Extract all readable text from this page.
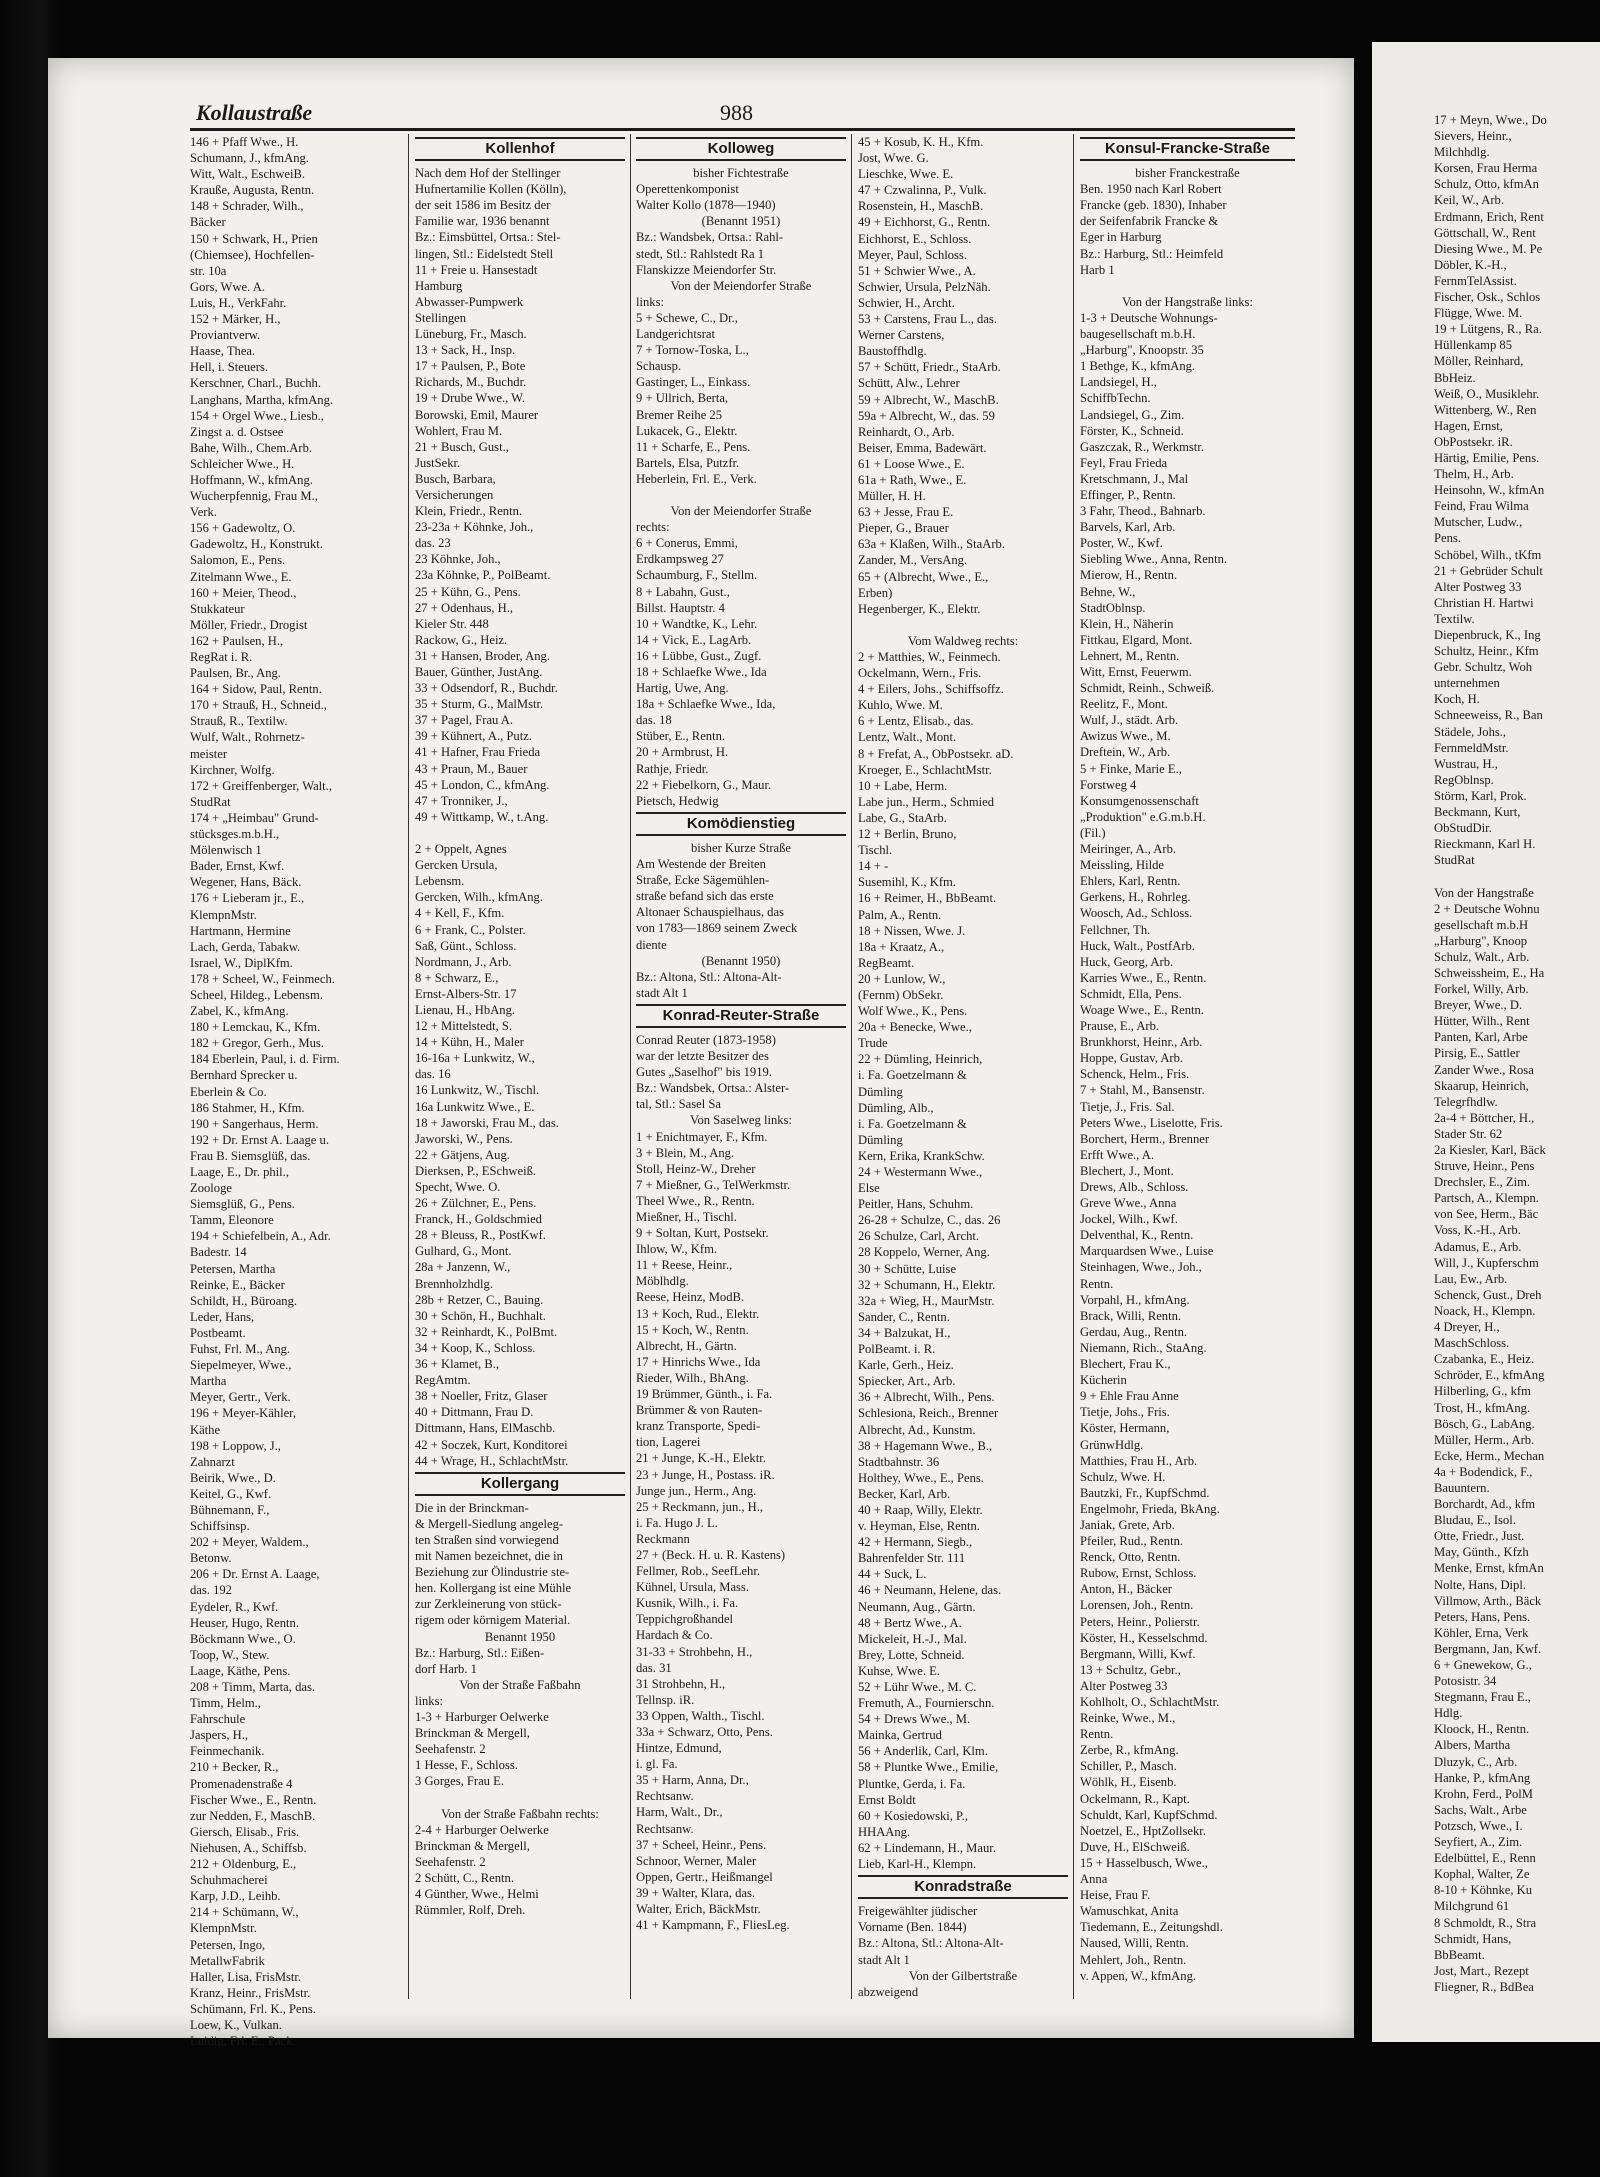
Kollaustraße	988
146 + Pfaff Wwe., H.
Schumann, J., kfmAng.
Witt, Walt., EschweiB.
Krauße, Augusta, Rentn.
148 + Schrader, Wilh.,
Bäcker
150 + Schwark, H., Prien
(Chiemsee), Hochfellen-
str. 10a
Gors, Wwe. A.
Luis, H., VerkFahr.
152 + Märker, H.,
Proviantverw.
Haase, Thea.
Hell, i. Steuers.
Kerschner, Charl., Buchh.
Langhans, Martha, kfmAng.
154 + Orgel Wwe., Liesb.,
Zingst a. d. Ostsee
Bahe, Wilh., Chem.Arb.
Schleicher Wwe., H.
Hoffmann, W., kfmAng.
Wucherpfennig, Frau M.,
Verk.
156 + Gadewoltz, O.
Gadewoltz, H., Konstrukt.
Salomon, E., Pens.
Zitelmann Wwe., E.
160 + Meier, Theod.,
Stukkateur
Möller, Friedr., Drogist
162 + Paulsen, H.,
RegRat i. R.
Paulsen, Br., Ang.
164 + Sidow, Paul, Rentn.
170 + Strauß, H., Schneid.,
Strauß, R., Textilw.
Wulf, Walt., Rohrnetz-
meister
Kirchner, Wolfg.
172 + Greiffenberger, Walt.,
StudRat
174 + „Heimbau" Grund-
stücksges.m.b.H.,
Mölenwisch 1
Bader, Ernst, Kwf.
Wegener, Hans, Bäck.
176 + Lieberam jr., E.,
KlempnMstr.
Hartmann, Hermine
Lach, Gerda, Tabakw.
Israel, W., DiplKfm.
178 + Scheel, W., Feinmech.
Scheel, Hildeg., Lebensm.
Zabel, K., kfmAng.
180 + Lemckau, K., Kfm.
182 + Gregor, Gerh., Mus.
184 Eberlein, Paul, i. d. Firm.
Bernhard Sprecker u.
Eberlein & Co.
186 Stahmer, H., Kfm.
190 + Sangerhaus, Herm.
192 + Dr. Ernst A. Laage u.
Frau B. Siemsglüß, das.
Laage, E., Dr. phil.,
Zoologe
Siemsglüß, G., Pens.
Tamm, Eleonore
194 + Schiefelbein, A., Adr.
Badestr. 14
Petersen, Martha
Reinke, E., Bäcker
Schildt, H., Büroang.
Leder, Hans,
Postbeamt.
Fuhst, Frl. M., Ang.
Siepelmeyer, Wwe.,
Martha
Meyer, Gertr., Verk.
196 + Meyer-Kähler,
Käthe
198 + Loppow, J.,
Zahnarzt
Beirik, Wwe., D.
Keitel, G., Kwf.
Bühnemann, F.,
Schiffsinsp.
202 + Meyer, Waldem.,
Betonw.
206 + Dr. Ernst A. Laage,
das. 192
Eydeler, R., Kwf.
Heuser, Hugo, Rentn.
Böckmann Wwe., O.
Toop, W., Stew.
Laage, Käthe, Pens.
208 + Timm, Marta, das.
Timm, Helm.,
Fahrschule
Jaspers, H.,
Feinmechanik.
210 + Becker, R.,
Promenadenstraße 4
Fischer Wwe., E., Rentn.
zur Nedden, F., MaschB.
Giersch, Elisab., Fris.
Niehusen, A., Schiffsb.
212 + Oldenburg, E.,
Schuhmacherei
Karp, J.D., Leihb.
214 + Schümann, W.,
KlempnMstr.
Petersen, Ingo,
MetallwFabrik
Haller, Lisa, FrisMstr.
Kranz, Heinr., FrisMstr.
Schümann, Frl. K., Pens.
Loew, K., Vulkan.
Luidig, Frl. E., Pack.
Kollenhof
Nach dem Hof der Stellinger
Hufnertamilie Kollen (Kölln),
der seit 1586 im Besitz der
Familie war, 1936 benannt
Bz.: Eimsbüttel, Ortsa.: Stel-
lingen, Stl.: Eidelstedt Stell
11 + Freie u. Hansestadt
Hamburg
Abwasser-Pumpwerk
Stellingen
Lüneburg, Fr., Masch.
13 + Sack, H., Insp.
17 + Paulsen, P., Bote
Richards, M., Buchdr.
19 + Drube Wwe., W.
Borowski, Emil, Maurer
Wohlert, Frau M.
21 + Busch, Gust.,
JustSekr.
Busch, Barbara,
Versicherungen
Klein, Friedr., Rentn.
23-23a + Köhnke, Joh.,
das. 23
23 Köhnke, Joh.,
23a Köhnke, P., PolBeamt.
25 + Kühn, G., Pens.
27 + Odenhaus, H.,
Kieler Str. 448
Rackow, G., Heiz.
31 + Hansen, Broder, Ang.
Bauer, Günther, JustAng.
33 + Odsendorf, R., Buchdr.
35 + Sturm, G., MalMstr.
37 + Pagel, Frau A.
39 + Kühnert, A., Putz.
41 + Hafner, Frau Frieda
43 + Praun, M., Bauer
45 + London, C., kfmAng.
47 + Tronniker, J.,
49 + Wittkamp, W., t.Ang.

2 + Oppelt, Agnes
Gercken Ursula,
Lebensm.
Gercken, Wilh., kfmAng.
4 + Kell, F., Kfm.
6 + Frank, C., Polster.
Saß, Günt., Schloss.
Nordmann, J., Arb.
8 + Schwarz, E.,
Ernst-Albers-Str. 17
Lienau, H., HbAng.
12 + Mittelstedt, S.
14 + Kühn, H., Maler
16-16a + Lunkwitz, W.,
das. 16
16 Lunkwitz, W., Tischl.
16a Lunkwitz Wwe., E.
18 + Jaworski, Frau M., das.
Jaworski, W., Pens.
22 + Gätjens, Aug.
Dierksen, P., ESchweiß.
Specht, Wwe. O.
26 + Zülchner, E., Pens.
Franck, H., Goldschmied
28 + Bleuss, R., PostKwf.
Gulhard, G., Mont.
28a + Janzenn, W.,
Brennholzhdlg.
28b + Retzer, C., Bauing.
30 + Schön, H., Buchhalt.
32 + Reinhardt, K., PolBmt.
34 + Koop, K., Schloss.
36 + Klamet, B.,
RegAmtm.
38 + Noeller, Fritz, Glaser
40 + Dittmann, Frau D.
Dittmann, Hans, ElMaschb.
42 + Soczek, Kurt, Konditorei
44 + Wrage, H., SchlachtMstr.
Kollergang
Die in der Brinckman-
& Mergell-Siedlung angeleg-
ten Straßen sind vorwiegend
mit Namen bezeichnet, die in
Beziehung zur Ölindustrie ste-
hen. Kollergang ist eine Mühle
zur Zerkleinerung von stück-
rigem oder körnigem Material.
Benannt 1950
Bz.: Harburg, Stl.: Eißen-
dorf Harb. 1
Von der Straße Faßbahn
links:
1-3 + Harburger Oelwerke
Brinckman & Mergell,
Seehafenstr. 2
1 Hesse, F., Schloss.
3 Gorges, Frau E.

Von der Straße Faßbahn rechts:
2-4 + Harburger Oelwerke
Brinckman & Mergell,
Seehafenstr. 2
2 Schütt, C., Rentn.
4 Günther, Wwe., Helmi
Rümmler, Rolf, Dreh.
Kolloweg
bisher Fichtestraße
Operettenkomponist
Walter Kollo (1878—1940)
(Benannt 1951)
Bz.: Wandsbek, Ortsa.: Rahl-
stedt, Stl.: Rahlstedt Ra 1
Flanskizze Meiendorfer Str.
Von der Meiendorfer Straße
links:
5 + Schewe, C., Dr.,
Landgerichtsrat
7 + Tornow-Toska, L.,
Schausp.
Gastinger, L., Einkass.
9 + Ullrich, Berta,
Bremer Reihe 25
Lukacek, G., Elektr.
11 + Scharfe, E., Pens.
Bartels, Elsa, Putzfr.
Heberlein, Frl. E., Verk.

Von der Meiendorfer Straße
rechts:
6 + Conerus, Emmi,
Erdkampsweg 27
Schaumburg, F., Stellm.
8 + Labahn, Gust.,
Billst. Hauptstr. 4
10 + Wandtke, K., Lehr.
14 + Vick, E., LagArb.
16 + Lübbe, Gust., Zugf.
18 + Schlaefke Wwe., Ida
Hartig, Uwe, Ang.
18a + Schlaefke Wwe., Ida,
das. 18
Stüber, E., Rentn.
20 + Armbrust, H.
Rathje, Friedr.
22 + Fiebelkorn, G., Maur.
Pietsch, Hedwig
Komödienstieg
bisher Kurze Straße
Am Westende der Breiten
Straße, Ecke Sägemühlen-
straße befand sich das erste
Altonaer Schauspielhaus, das
von 1783—1869 seinem Zweck
diente
(Benannt 1950)
Bz.: Altona, Stl.: Altona-Alt-
stadt Alt 1
Konrad-Reuter-Straße
Conrad Reuter (1873-1958)
war der letzte Besitzer des
Gutes „Saselhof" bis 1919.
Bz.: Wandsbek, Ortsa.: Alster-
tal, Stl.: Sasel Sa
Von Saselweg links:
1 + Enichtmayer, F., Kfm.
3 + Blein, M., Ang.
Stoll, Heinz-W., Dreher
7 + Mießner, G., TelWerkmstr.
Theel Wwe., R., Rentn.
Mießner, H., Tischl.
9 + Soltan, Kurt, Postsekr.
Ihlow, W., Kfm.
11 + Reese, Heinr.,
Möblhdlg.
Reese, Heinz, ModB.
13 + Koch, Rud., Elektr.
15 + Koch, W., Rentn.
Albrecht, H., Gärtn.
17 + Hinrichs Wwe., Ida
Rieder, Wilh., BhAng.
19 Brümmer, Günth., i. Fa.
Brümmer & von Rauten-
kranz Transporte, Spedi-
tion, Lagerei
21 + Junge, K.-H., Elektr.
23 + Junge, H., Postass. iR.
Junge jun., Herm., Ang.
25 + Reckmann, jun., H.,
i. Fa. Hugo J. L.
Reckmann
27 + (Beck. H. u. R. Kastens)
Fellmer, Rob., SeefLehr.
Kühnel, Ursula, Mass.
Kusnik, Wilh., i. Fa.
Teppichgroßhandel
Hardach & Co.
31-33 + Strohbehn, H.,
das. 31
31 Strohbehn, H.,
Tellnsp. iR.
33 Oppen, Walth., Tischl.
33a + Schwarz, Otto, Pens.
Hintze, Edmund,
i. gl. Fa.
35 + Harm, Anna, Dr.,
Rechtsanw.
Harm, Walt., Dr.,
Rechtsanw.
37 + Scheel, Heinr., Pens.
Schnoor, Werner, Maler
Oppen, Gertr., Heißmangel
39 + Walter, Klara, das.
Walter, Erich, BäckMstr.
41 + Kampmann, F., FliesLeg.
45 + Kosub, K. H., Kfm.
Jost, Wwe. G.
Lieschke, Wwe. E.
47 + Czwalinna, P., Vulk.
Rosenstein, H., MaschB.
49 + Eichhorst, G., Rentn.
Eichhorst, E., Schloss.
Meyer, Paul, Schloss.
51 + Schwier Wwe., A.
Schwier, Ursula, PelzNäh.
Schwier, H., Archt.
53 + Carstens, Frau L., das.
Werner Carstens,
Baustoffhdlg.
57 + Schütt, Friedr., StaArb.
Schütt, Alw., Lehrer
59 + Albrecht, W., MaschB.
59a + Albrecht, W., das. 59
Reinhardt, O., Arb.
Beiser, Emma, Badewärt.
61 + Loose Wwe., E.
61a + Rath, Wwe., E.
Müller, H. H.
63 + Jesse, Frau E.
Pieper, G., Brauer
63a + Klaßen, Wilh., StaArb.
Zander, M., VersAng.
65 + (Albrecht, Wwe., E.,
Erben)
Hegenberger, K., Elektr.

Vom Waldweg rechts:
2 + Matthies, W., Feinmech.
Ockelmann, Wern., Fris.
4 + Eilers, Johs., Schiffsoffz.
Kuhlo, Wwe. M.
6 + Lentz, Elisab., das.
Lentz, Walt., Mont.
8 + Frefat, A., ObPostsekr. aD.
Kroeger, E., SchlachtMstr.
10 + Labe, Herm.
Labe jun., Herm., Schmied
Labe, G., StaArb.
12 + Berlin, Bruno,
Tischl.
14 + -
Susemihl, K., Kfm.
16 + Reimer, H., BbBeamt.
Palm, A., Rentn.
18 + Nissen, Wwe. J.
18a + Kraatz, A.,
RegBeamt.
20 + Lunlow, W.,
(Fernm) ObSekr.
Wolf Wwe., K., Pens.
20a + Benecke, Wwe.,
Trude
22 + Dümling, Heinrich,
i. Fa. Goetzelmann &
Dümling
Dümling, Alb.,
i. Fa. Goetzelmann &
Dümling
Kern, Erika, KrankSchw.
24 + Westermann Wwe.,
Else
Peitler, Hans, Schuhm.
26-28 + Schulze, C., das. 26
26 Schulze, Carl, Archt.
28 Koppelo, Werner, Ang.
30 + Schütte, Luise
32 + Schumann, H., Elektr.
32a + Wieg, H., MaurMstr.
Sander, C., Rentn.
34 + Balzukat, H.,
PolBeamt. i. R.
Karle, Gerh., Heiz.
Spiecker, Art., Arb.
36 + Albrecht, Wilh., Pens.
Schlesiona, Reich., Brenner
Albrecht, Ad., Kunstm.
38 + Hagemann Wwe., B.,
Stadtbahnstr. 36
Holthey, Wwe., E., Pens.
Becker, Karl, Arb.
40 + Raap, Willy, Elektr.
v. Heyman, Else, Rentn.
42 + Hermann, Siegb.,
Bahrenfelder Str. 111
44 + Suck, L.
46 + Neumann, Helene, das.
Neumann, Aug., Gärtn.
48 + Bertz Wwe., A.
Mickeleit, H.-J., Mal.
Brey, Lotte, Schneid.
Kuhse, Wwe. E.
52 + Lühr Wwe., M. C.
Fremuth, A., Fournierschn.
54 + Drews Wwe., M.
Mainka, Gertrud
56 + Anderlik, Carl, Klm.
58 + Pluntke Wwe., Emilie,
Pluntke, Gerda, i. Fa.
Ernst Boldt
60 + Kosiedowski, P.,
HHAAng.
62 + Lindemann, H., Maur.
Lieb, Karl-H., Klempn.
Konradstraße
Freigewählter jüdischer
Vorname (Ben. 1844)
Bz.: Altona, Stl.: Altona-Alt-
stadt Alt 1
Von der Gilbertstraße
abzweigend
Konsul-Francke-Straße
bisher Franckestraße
Ben. 1950 nach Karl Robert
Francke (geb. 1830), Inhaber
der Seifenfabrik Francke &
Eger in Harburg
Bz.: Harburg, Stl.: Heimfeld
Harb 1

Von der Hangstraße links:
1-3 + Deutsche Wohnungs-
baugesellschaft m.b.H.
„Harburg", Knoopstr. 35
1 Bethge, K., kfmAng.
Landsiegel, H.,
SchiffbTechn.
Landsiegel, G., Zim.
Förster, K., Schneid.
Gaszczak, R., Werkmstr.
Feyl, Frau Frieda
Kretschmann, J., Mal
Effinger, P., Rentn.
3 Fahr, Theod., Bahnarb.
Barvels, Karl, Arb.
Poster, W., Kwf.
Siebling Wwe., Anna, Rentn.
Mierow, H., Rentn.
Behne, W.,
StadtOblnsp.
Klein, H., Näherin
Fittkau, Elgard, Mont.
Lehnert, M., Rentn.
Witt, Ernst, Feuerwm.
Schmidt, Reinh., Schweiß.
Reelitz, F., Mont.
Wulf, J., städt. Arb.
Awizus Wwe., M.
Dreftein, W., Arb.
5 + Finke, Marie E.,
Forstweg 4
Konsumgenossenschaft
„Produktion" e.G.m.b.H.
(Fil.)
Meiringer, A., Arb.
Meissling, Hilde
Ehlers, Karl, Rentn.
Gerkens, H., Rohrleg.
Woosch, Ad., Schloss.
Fellchner, Th.
Huck, Walt., PostfArb.
Huck, Georg, Arb.
Karries Wwe., E., Rentn.
Schmidt, Ella, Pens.
Woage Wwe., E., Rentn.
Prause, E., Arb.
Brunkhorst, Heinr., Arb.
Hoppe, Gustav, Arb.
Schenck, Helm., Fris.
7 + Stahl, M., Bansenstr.
Tietje, J., Fris. Sal.
Peters Wwe., Liselotte, Fris.
Borchert, Herm., Brenner
Erfft Wwe., A.
Blechert, J., Mont.
Drews, Alb., Schloss.
Greve Wwe., Anna
Jockel, Wilh., Kwf.
Delventhal, K., Rentn.
Marquardsen Wwe., Luise
Steinhagen, Wwe., Joh.,
Rentn.
Vorpahl, H., kfmAng.
Brack, Willi, Rentn.
Gerdau, Aug., Rentn.
Niemann, Rich., StaAng.
Blechert, Frau K.,
Kücherin
9 + Ehle Frau Anne
Tietje, Johs., Fris.
Köster, Hermann,
GrünwHdlg.
Matthies, Frau H., Arb.
Schulz, Wwe. H.
Bautzki, Fr., KupfSchmd.
Engelmohr, Frieda, BkAng.
Janiak, Grete, Arb.
Pfeiler, Rud., Rentn.
Renck, Otto, Rentn.
Rubow, Ernst, Schloss.
Anton, H., Bäcker
Lorensen, Joh., Rentn.
Peters, Heinr., Polierstr.
Köster, H., Kesselschmd.
Bergmann, Willi, Kwf.
13 + Schultz, Gebr.,
Alter Postweg 33
Kohlholt, O., SchlachtMstr.
Reinke, Wwe., M.,
Rentn.
Zerbe, R., kfmAng.
Schiller, P., Masch.
Wöhlk, H., Eisenb.
Ockelmann, R., Kapt.
Schuldt, Karl, KupfSchmd.
Noetzel, E., HptZollsekr.
Duve, H., ElSchweiß.
15 + Hasselbusch, Wwe.,
Anna
Heise, Frau F.
Wamuschkat, Anita
Tiedemann, E., Zeitungshdl.
Naused, Willi, Rentn.
Mehlert, Joh., Rentn.
v. Appen, W., kfmAng.
17 + Meyn, Wwe., Do
Sievers, Heinr.,
Milchhdlg.
Korsen, Frau Herma
Schulz, Otto, kfmAn
Keil, W., Arb.
Erdmann, Erich, Rent
Göttschall, W., Rent
Diesing Wwe., M. Pe
Döbler, K.-H.,
FernmTelAssist.
Fischer, Osk., Schlos
Flügge, Wwe. M.
19 + Lütgens, R., Ra.
Hüllenkamp 85
Möller, Reinhard,
BbHeiz.
Weiß, O., Musiklehr.
Wittenberg, W., Ren
Hagen, Ernst,
ObPostsekr. iR.
Härtig, Emilie, Pens.
Thelm, H., Arb.
Heinsohn, W., kfmAn
Feind, Frau Wilma
Mutscher, Ludw.,
Pens.
Schöbel, Wilh., tKfm
21 + Gebrüder Schult
Alter Postweg 33
Christian H. Hartwi
Textilw.
Diepenbruck, K., Ing
Schultz, Heinr., Kfm
Gebr. Schultz, Woh
unternehmen
Koch, H.
Schneeweiss, R., Ban
Städele, Johs.,
FernmeldMstr.
Wustrau, H.,
RegOblnsp.
Störm, Karl, Prok.
Beckmann, Kurt,
ObStudDir.
Rieckmann, Karl H.
StudRat

Von der Hangstraße
2 + Deutsche Wohnu
gesellschaft m.b.H
„Harburg", Knoop
Schulz, Walt., Arb.
Schweissheim, E., Ha
Forkel, Willy, Arb.
Breyer, Wwe., D.
Hütter, Wilh., Rent
Panten, Karl, Arbe
Pirsig, E., Sattler
Zander Wwe., Rosa
Skaarup, Heinrich,
Telegrfhdlw.
2a-4 + Böttcher, H.,
Stader Str. 62
2a Kiesler, Karl, Bäck
Struve, Heinr., Pens
Drechsler, E., Zim.
Partsch, A., Klempn.
von See, Herm., Bäc
Voss, K.-H., Arb.
Adamus, E., Arb.
Will, J., Kupferschm
Lau, Ew., Arb.
Schenck, Gust., Dreh
Noack, H., Klempn.
4 Dreyer, H.,
MaschSchloss.
Czabanka, E., Heiz.
Schröder, E., kfmAng
Hilberling, G., kfm
Trost, H., kfmAng.
Bösch, G., LabAng.
Müller, Herm., Arb.
Ecke, Herm., Mechan
4a + Bodendick, F.,
Bauuntern.
Borchardt, Ad., kfm
Bludau, E., Isol.
Otte, Friedr., Just.
May, Günth., Kfzh
Menke, Ernst, kfmAn
Nolte, Hans, Dipl.
Villmow, Arth., Bäck
Peters, Hans, Pens.
Köhler, Erna, Verk
Bergmann, Jan, Kwf.
6 + Gnewekow, G.,
Potosistr. 34
Stegmann, Frau E.,
Hdlg.
Kloock, H., Rentn.
Albers, Martha
Dluzyk, C., Arb.
Hanke, P., kfmAng
Krohn, Ferd., PolM
Sachs, Walt., Arbe
Potzsch, Wwe., I.
Seyfiert, A., Zim.
Edelbüttel, E., Renn
Kophal, Walter, Ze
8-10 + Köhnke, Ku
Milchgrund 61
8 Schmoldt, R., Stra
Schmidt, Hans,
BbBeamt.
Jost, Mart., Rezept
Fliegner, R., BdBea
